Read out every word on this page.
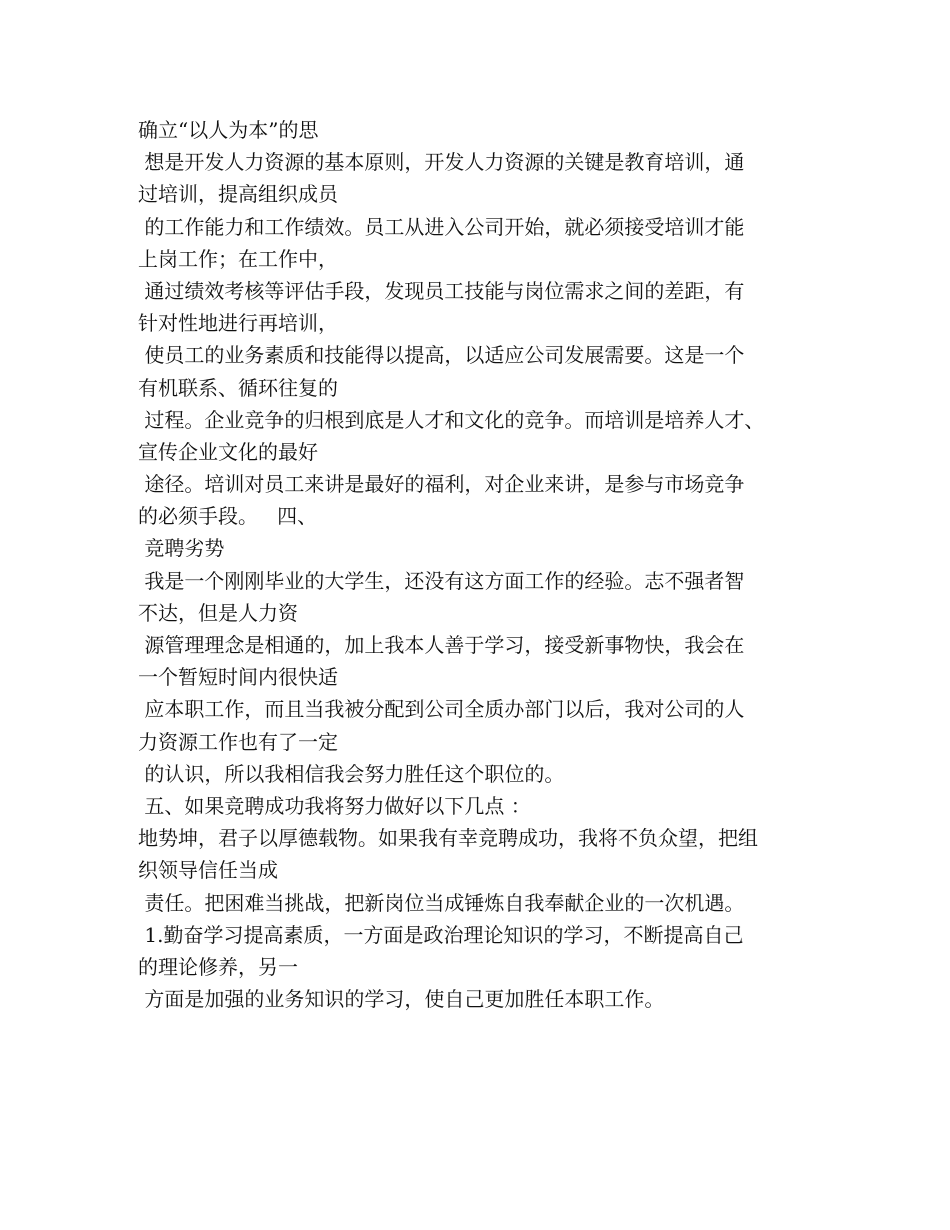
确立“以人为本”的思
想是开发人力资源的基本原则，开发人力资源的关键是教育培训，通
过培训，提高组织成员
的工作能力和工作绩效。员工从进入公司开始，就必须接受培训才能
上岗工作；在工作中，
通过绩效考核等评估手段，发现员工技能与岗位需求之间的差距，有
针对性地进行再培训，
使员工的业务素质和技能得以提高，以适应公司发展需要。这是一个
有机联系、循环往复的
过程。企业竞争的归根到底是人才和文化的竞争。而培训是培养人才、
宣传企业文化的最好
途径。培训对员工来讲是最好的福利，对企业来讲，是参与市场竞争
的必须手段。   四、
竞聘劣势
我是一个刚刚毕业的大学生，还没有这方面工作的经验。志不强者智
不达，但是人力资
源管理理念是相通的，加上我本人善于学习，接受新事物快，我会在
一个暂短时间内很快适
应本职工作，而且当我被分配到公司全质办部门以后，我对公司的人
力资源工作也有了一定
的认识，所以我相信我会努力胜任这个职位的。
五、如果竞聘成功我将努力做好以下几点 ：
地势坤，君子以厚德载物。如果我有幸竞聘成功，我将不负众望，把组
织领导信任当成
责任。把困难当挑战，把新岗位当成锤炼自我奉献企业的一次机遇。
1.勤奋学习提高素质，一方面是政治理论知识的学习，不断提高自己
的理论修养，另一
方面是加强的业务知识的学习，使自己更加胜任本职工作。
